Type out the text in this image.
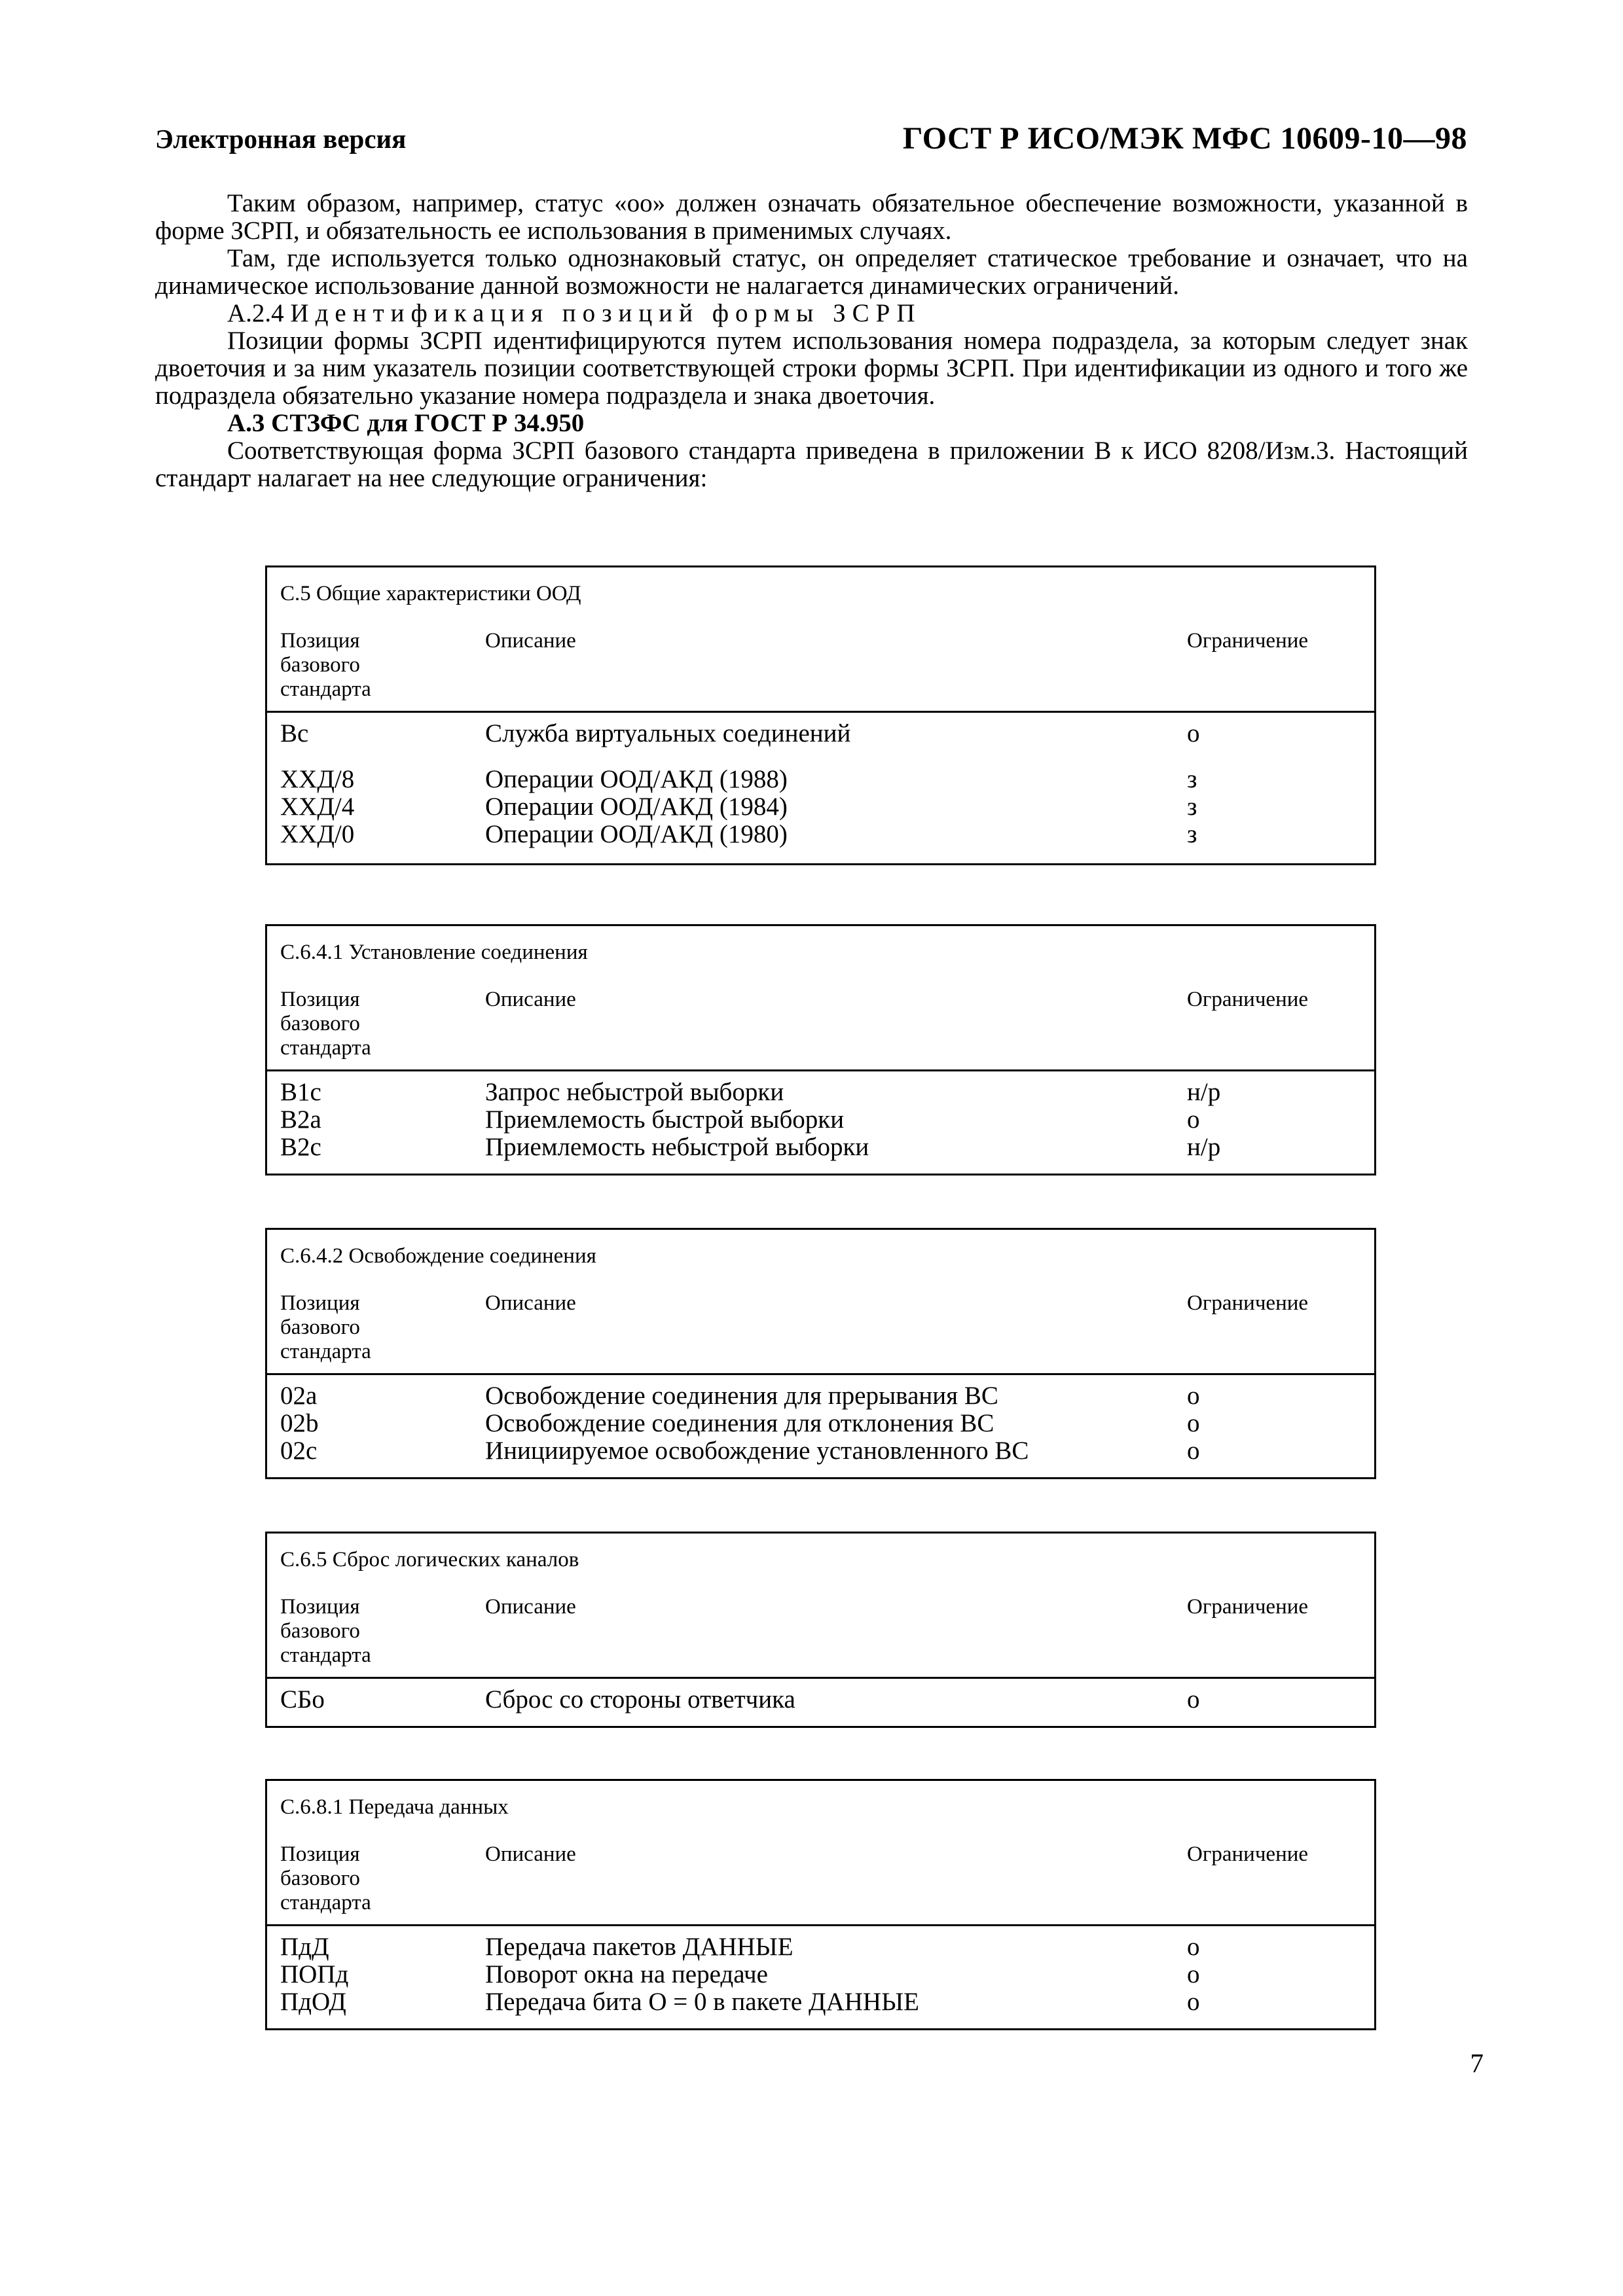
Электронная версия	ГОСТ Р ИСО/МЭК МФС 10609-10—98

Таким образом, например, статус «оо» должен означать обязательное обеспечение возможности, указанной в форме ЗСРП, и обязательность ее использования в применимых случаях.

Там, где используется только однознаковый статус, он определяет статическое требование и означает, что на динамическое использование данной возможности не налагается динамических ограничений.

А.2.4 Идентификация позиций формы ЗСРП

Позиции формы ЗСРП идентифицируются путем использования номера подраздела, за которым следует знак двоеточия и за ним указатель позиции соответствующей строки формы ЗСРП. При идентификации из одного и того же подраздела обязательно указание номера подраздела и знака двоеточия.

А.3 СТЗФС для ГОСТ Р 34.950

Соответствующая форма ЗСРП базового стандарта приведена в приложении В к ИСО 8208/Изм.3. Настоящий стандарт налагает на нее следующие ограничения:

С.5 Общие характеристики ООД
Позиция базового стандарта
Описание	Ограничение
Вс	Служба виртуальных соединений	о
ХХД/8	Операции ООД/АКД (1988)	з
ХХД/4	Операции ООД/АКД (1984)	з
ХХД/0	Операции ООД/АКД (1980)	з
С.6.4.1 Установление соединения
Позиция базового стандарта
Описание	Ограничение
В1с	Запрос небыстрой выборки	н/р
В2а	Приемлемость быстрой выборки	о
В2с	Приемлемость небыстрой выборки	н/р
С.6.4.2 Освобождение соединения
Позиция базового стандарта
Описание	Ограничение
02а	Освобождение соединения для прерывания ВС	о
02b	Освобождение соединения для отклонения ВС	о
02с	Инициируемое освобождение установленного ВС	о
С.6.5 Сброс логических каналов
Позиция базового стандарта
Описание	Ограничение
СБо	Сброс со стороны ответчика	о
С.6.8.1 Передача данных
Позиция базового стандарта
Описание	Ограничение
ПдД	Передача пакетов ДАННЫЕ	о
ПОПд	Поворот окна на передаче	о
ПдОД	Передача бита О = 0 в пакете ДАННЫЕ	о
7
